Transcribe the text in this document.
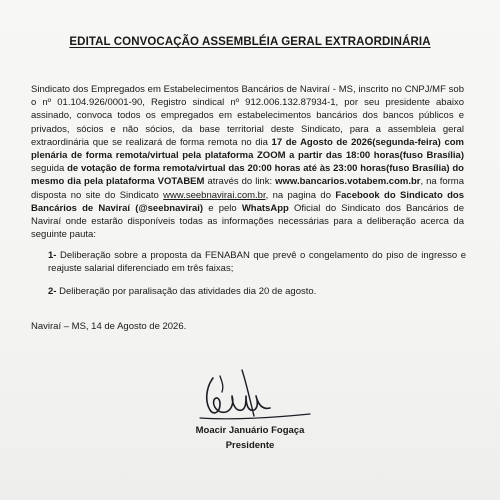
EDITAL CONVOCAÇÃO ASSEMBLÉIA GERAL EXTRAORDINÁRIA
Sindicato dos Empregados em Estabelecimentos Bancários de Naviraí - MS, inscrito no CNPJ/MF sob o nº 01.104.926/0001-90, Registro sindical nº 912.006.132.87934-1, por seu presidente abaixo assinado, convoca todos os empregados em estabelecimentos bancários dos bancos públicos e privados, sócios e não sócios, da base territorial deste Sindicato, para a assembleia geral extraordinária que se realizará de forma remota no dia 17 de Agosto de 2026(segunda-feira) com plenária de forma remota/virtual pela plataforma ZOOM a partir das 18:00 horas(fuso Brasília) seguida de votação de forma remota/virtual das 20:00 horas até às 23:00 horas(fuso Brasília) do mesmo dia pela plataforma VOTABEM através do link: www.bancarios.votabem.com.br, na forma disposta no site do Sindicato www.seebnavirai.com.br, na pagina do Facebook do Sindicato dos Bancários de Naviraí (@seebnavirai) e pelo WhatsApp Oficial do Sindicato dos Bancários de Naviraí onde estarão disponíveis todas as informações necessárias para a deliberação acerca da seguinte pauta:
1- Deliberação sobre a proposta da FENABAN que prevê o congelamento do piso de ingresso e reajuste salarial diferenciado em três faixas;
2- Deliberação por paralisação das atividades dia 20 de agosto.
Naviraí – MS, 14 de Agosto de 2026.
Moacir Januário Fogaça
Presidente
